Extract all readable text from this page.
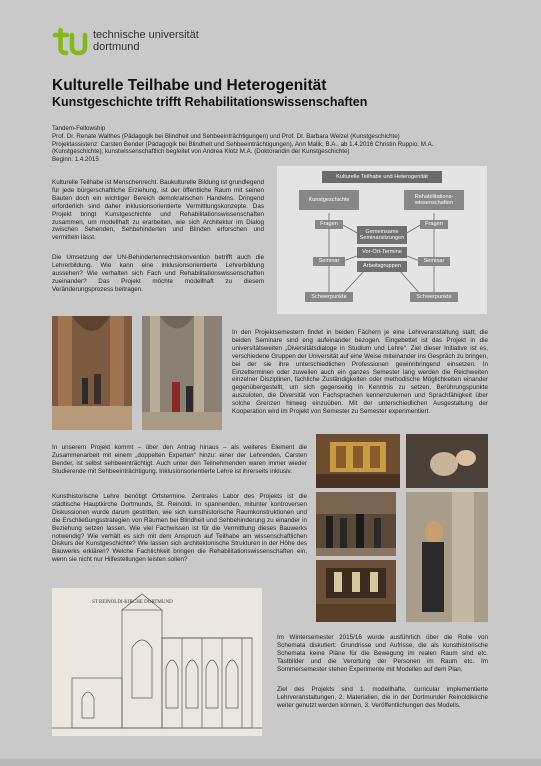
technische universität
dortmund
Kulturelle Teilhabe und Heterogenität
Kunstgeschichte trifft Rehabilitationswissenschaften
Tandem-Fellowship
Prof. Dr. Renate Walthes (Pädagogik bei Blindheit und Sehbeeinträchtigungen) und Prof. Dr. Barbara Welzel (Kunstgeschichte)
Projektassistenz: Carsten Bender (Pädagogik bei Blindheit und Sehbeeinträchtigungen), Ann Malik, B.A., ab 1.4.2016 Christin Ruppio, M.A.
(Kunstgeschichte); kunstwissenschaftlich begleitet von Andrea Klotz M.A. (Doktorandin der Kunstgeschichte)
Beginn: 1.4.2015
Kulturelle Teilhabe ist Menschenrecht. Baukulturelle Bildung ist grundlegend für jede bürgerschaftliche Erziehung, ist der öffentliche Raum mit seinen Bauten doch ein wichtiger Bereich demokratischen Handelns. Dringend erforderlich sind daher inklusionsorientierte Vermittlungskonzepte. Das Projekt bringt Kunstgeschichte und Rehabilitationswissenschaften zusammen, um modellhaft zu erarbeiten, wie sich Architektur im Dialog zwischen Sehenden, Sehbehinderten und Blinden erforschen und vermitteln lässt.
Die Umsetzung der UN-Behindertenrechtskonvention betrifft auch die Lehrerbildung. Wie kann eine inklusionsorientierte Lehrerbildung aussehen? Wie verhalten sich Fach und Rehabilitationswissenschaften zueinander? Das Projekt möchte modellhaft zu diesem Veränderungsprozess beitragen.
Kulturelle Teilhabe und Heterogenität
Kunstgeschichte
Rehabilitations-wissenschaften
Fragen	Fragen
Gemeinsame Seminarsitzungen
Vor-Ort-Termine
Arbeitsgruppen
Seminar	Seminar
Schwerpunkte	Schwerpunkte
In den Projektsemestern findet in beiden Fächern je eine Lehrveranstaltung statt; die beiden Seminare sind eng aufeinander bezogen. Eingebettet ist das Projekt in die universitätsweiten „Diversitätsdialoge in Studium und Lehre“. Ziel dieser Initiative ist es, verschiedene Gruppen der Universität auf eine Weise miteinander ins Gespräch zu bringen, bei der sie ihre unterschiedlichen Professionen gewinnbringend einsetzen. In Einzelterminen oder zuweilen auch ein ganzes Semester lang werden die Reichweiten einzelner Disziplinen, fachliche Zuständigkeiten oder methodische Möglichkeiten einander gegenübergestellt, um sich gegenseitig in Kenntnis zu setzen, Berührungspunkte auszuloten, die Diversität von Fachsprachen kennenzulernen und Sprachfähigkeit über solche Grenzen hinweg einzuüben. Mit der unterschiedlichen Ausgestaltung der Kooperation wird im Projekt von Semester zu Semester experimentiert.
In unserem Projekt kommt – über den Antrag hinaus – als weiteres Element die Zusammenarbeit mit einem „doppelten Experten“ hinzu: einer der Lehrenden, Carsten Bender, ist selbst sehbeeinträchtigt. Auch unter den Teilnehmenden waren immer wieder Studierende mit Sehbeeinträchtigung. Inklusionsorientierte Lehre ist ihrerseits inklusiv.
Kunsthistorische Lehre benötigt Ortstermine. Zentrales Labor des Projekts ist die städtische Hauptkirche Dortmunds, St. Reinoldi. In spannenden, mitunter kontroversen Diskussionen wurde darum gestritten, wie sich kunsthistorische Raumkonstruktionen und die Erschließungsstrategien von Räumen bei Blindheit und Sehbehinderung zu einander in Beziehung setzen lassen. Wie viel Fachwissen ist für die Vermittlung dieses Bauwerks notwendig? Wie verhält es sich mit dem Anspruch auf Teilhabe am wissenschaftlichen Diskurs der Kunstgeschichte? Wie lassen sich architektonische Strukturen in der Höhe des Bauwerks erklären? Welche Fachlichkeit bringen die Rehabilitationswissenschaften ein, wenn sie nicht nur Hilfestellungen leisten sollen?
ST REINOLDI-KIRCHE DORTMUND
Im Wintersemester 2015/16 wurde ausführlich über die Rolle von Schemata diskutiert: Grundrisse und Aufrisse, die als kunsthistorische Schemata keine Pläne für die Bewegung im realen Raum sind etc. Tastbilder und die Verortung der Personen im Raum etc. Im Sommersemester stehen Experimente mit Modellen auf dem Plan.
Ziel des Projekts sind 1. modellhafte, curricular implementierte Lehrveranstaltungen, 2. Materialien, die in der Dortmunder Reinoldikirche weiter genutzt werden können, 3. Veröffentlichungen des Modells.
